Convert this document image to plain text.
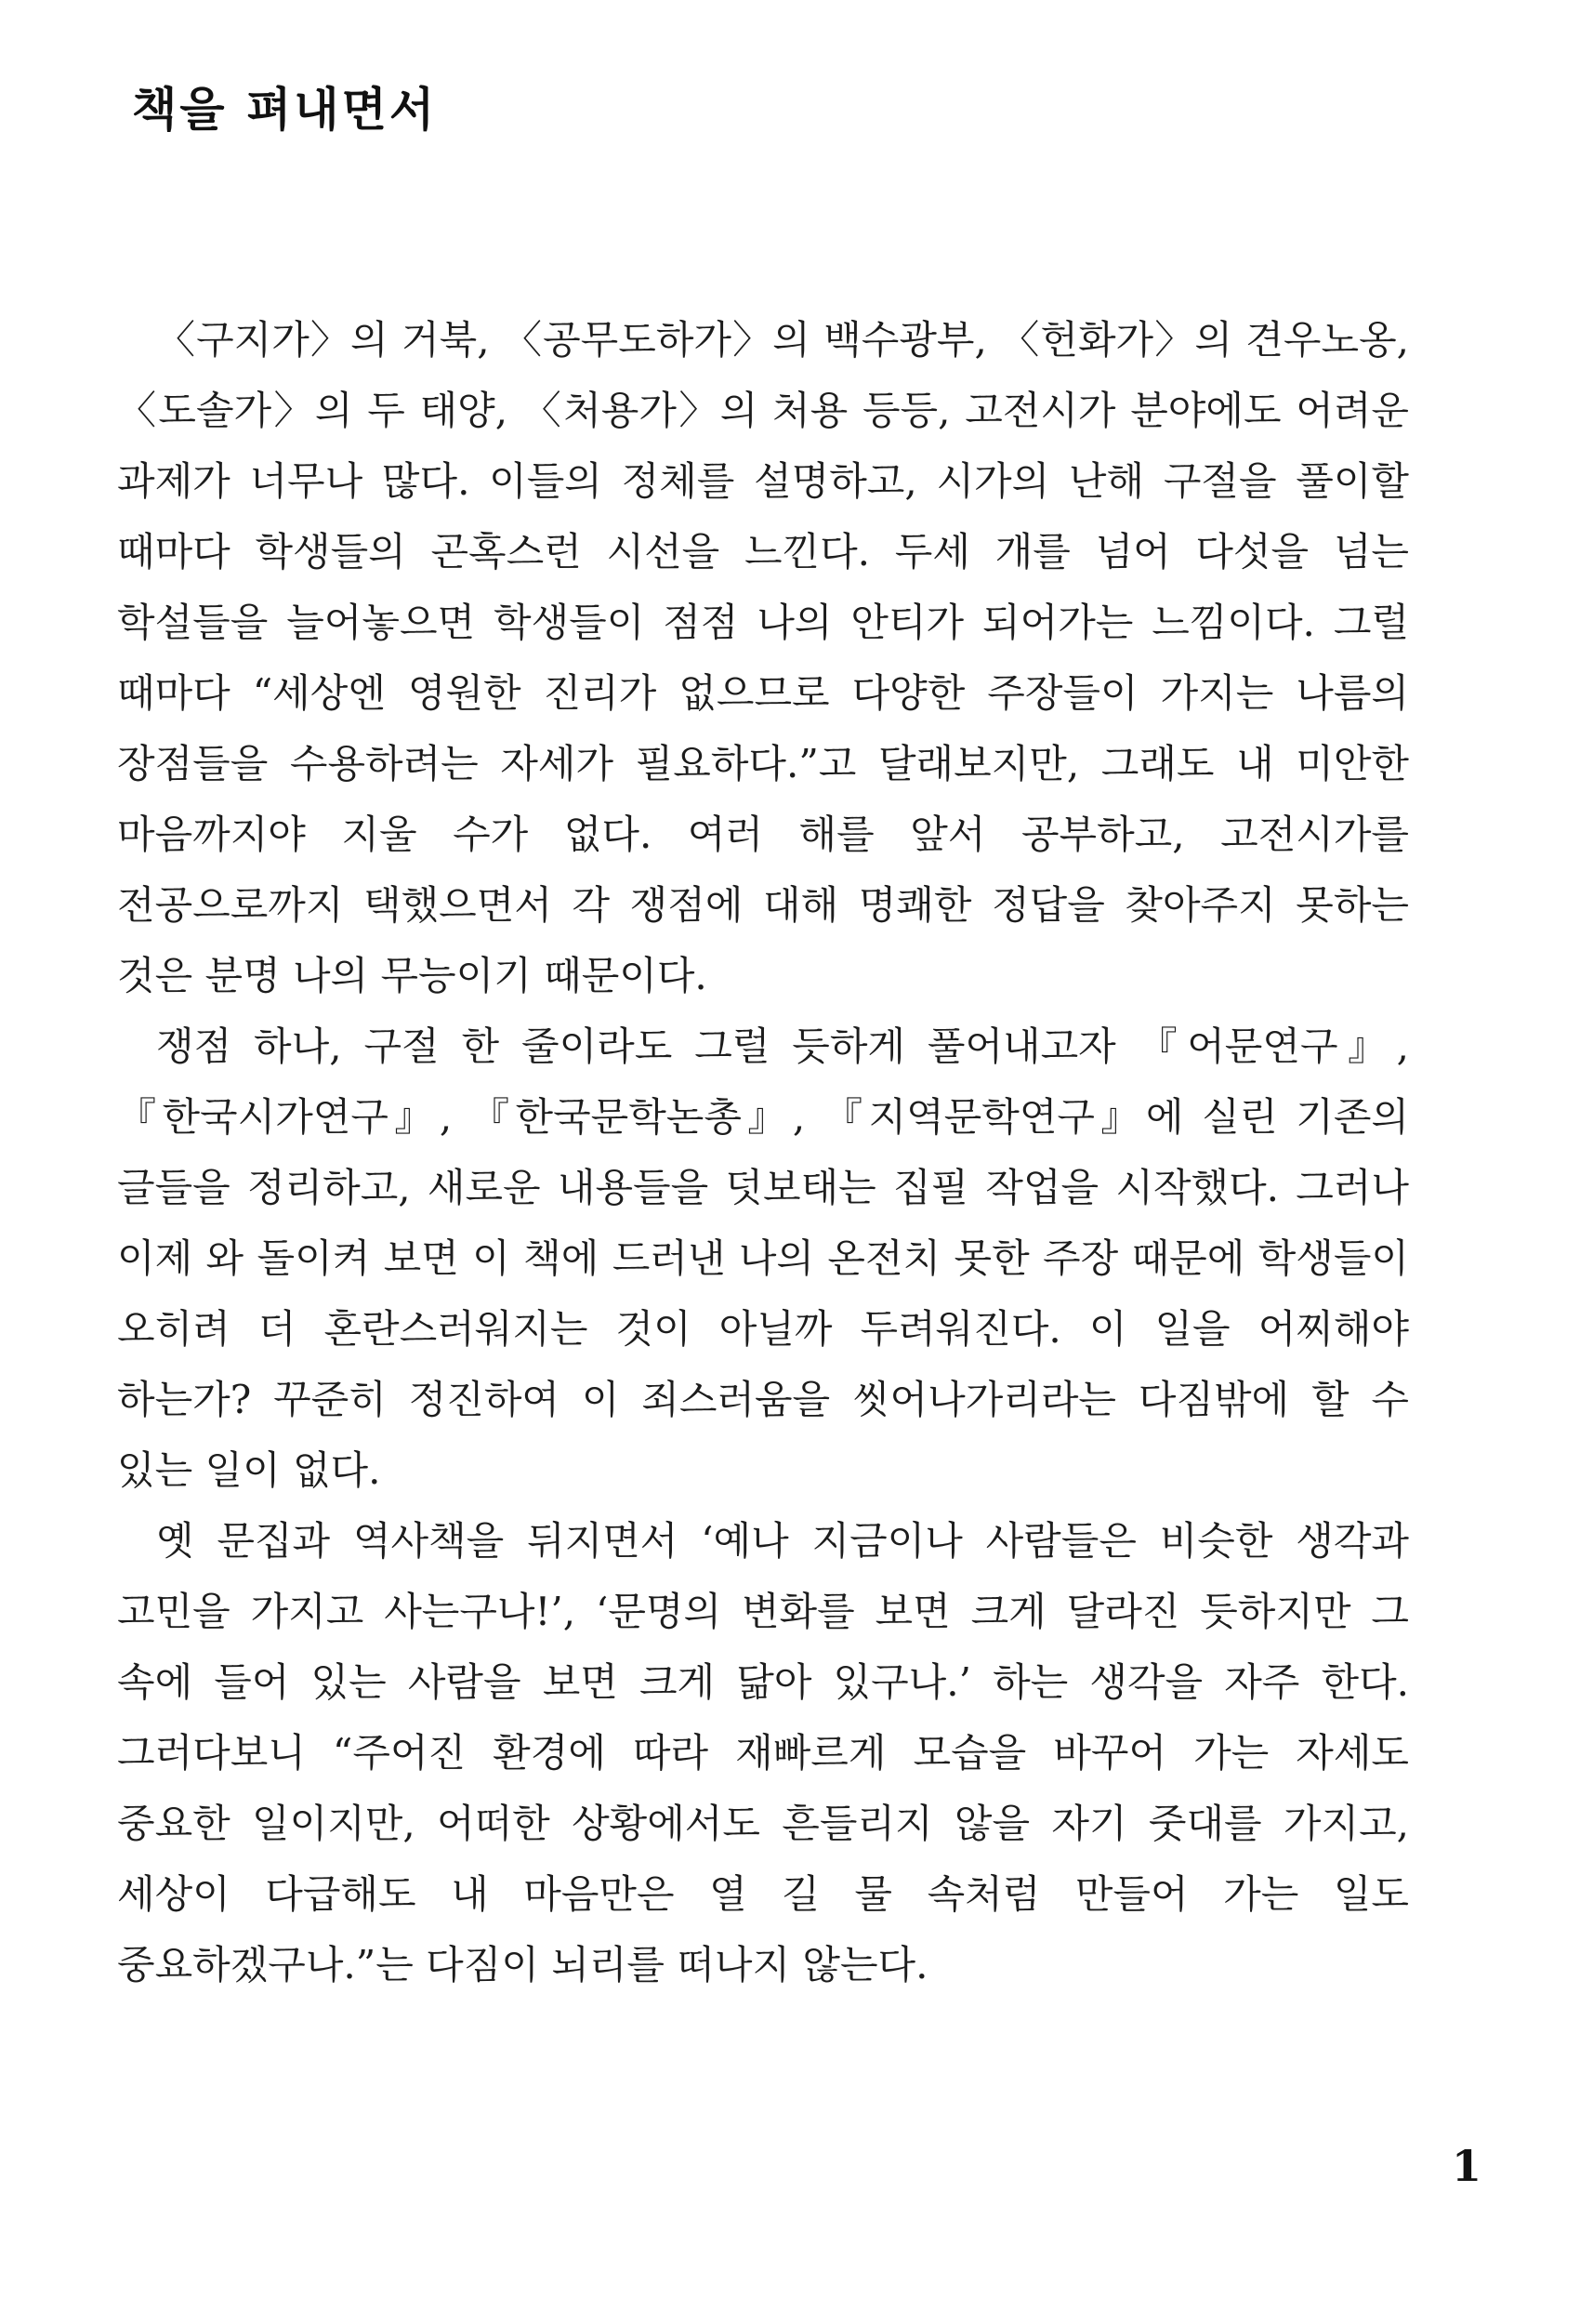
책을 펴내면서

〈구지가〉의 거북, 〈공무도하가〉의 백수광부, 〈헌화가〉의 견우노옹, 〈도솔가〉의 두 태양, 〈처용가〉의 처용 등등, 고전시가 분야에도 어려운 과제가 너무나 많다. 이들의 정체를 설명하고, 시가의 난해 구절을 풀이할 때마다 학생들의 곤혹스런 시선을 느낀다. 두세 개를 넘어 다섯을 넘는 학설들을 늘어놓으면 학생들이 점점 나의 안티가 되어가는 느낌이다. 그럴 때마다 “세상엔 영원한 진리가 없으므로 다양한 주장들이 가지는 나름의 장점들을 수용하려는 자세가 필요하다.”고 달래보지만, 그래도 내 미안한 마음까지야 지울 수가 없다. 여러 해를 앞서 공부하고, 고전시가를 전공으로까지 택했으면서 각 쟁점에 대해 명쾌한 정답을 찾아주지 못하는 것은 분명 나의 무능이기 때문이다.

쟁점 하나, 구절 한 줄이라도 그럴 듯하게 풀어내고자 『어문연구』, 『한국시가연구』, 『한국문학논총』, 『지역문학연구』에 실린 기존의 글들을 정리하고, 새로운 내용들을 덧보태는 집필 작업을 시작했다. 그러나 이제 와 돌이켜 보면 이 책에 드러낸 나의 온전치 못한 주장 때문에 학생들이 오히려 더 혼란스러워지는 것이 아닐까 두려워진다. 이 일을 어찌해야 하는가? 꾸준히 정진하여 이 죄스러움을 씻어나가리라는 다짐밖에 할 수 있는 일이 없다.

옛 문집과 역사책을 뒤지면서 ‘예나 지금이나 사람들은 비슷한 생각과 고민을 가지고 사는구나!’, ‘문명의 변화를 보면 크게 달라진 듯하지만 그 속에 들어 있는 사람을 보면 크게 닮아 있구나.’ 하는 생각을 자주 한다. 그러다보니 “주어진 환경에 따라 재빠르게 모습을 바꾸어 가는 자세도 중요한 일이지만, 어떠한 상황에서도 흔들리지 않을 자기 줏대를 가지고, 세상이 다급해도 내 마음만은 열 길 물 속처럼 만들어 가는 일도 중요하겠구나.”는 다짐이 뇌리를 떠나지 않는다.

1
